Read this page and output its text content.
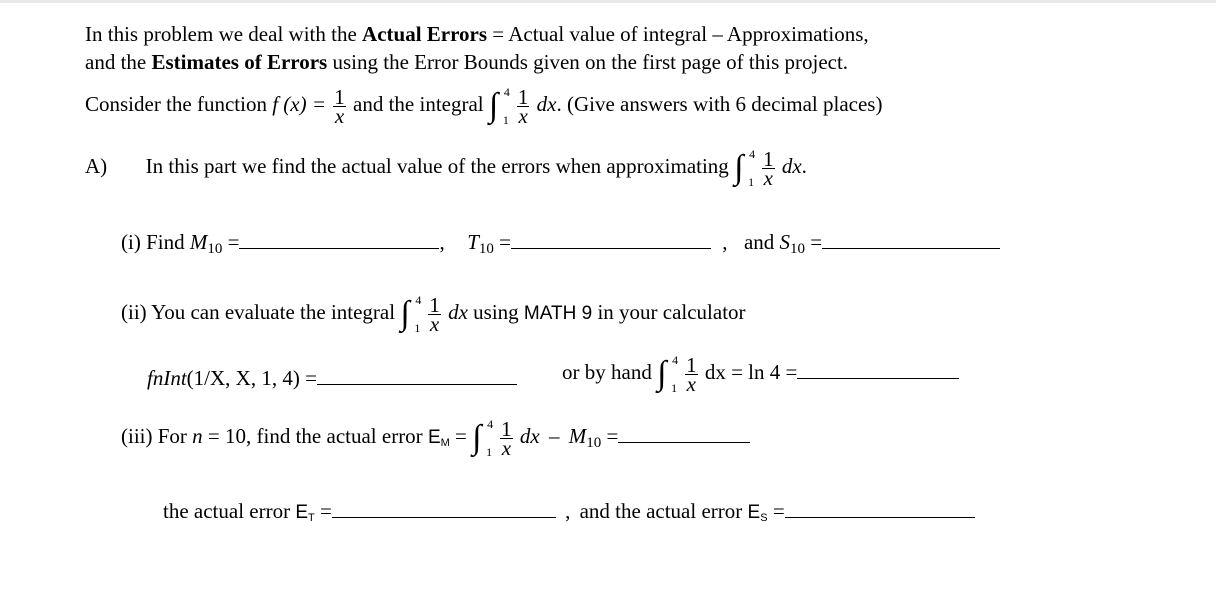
In this problem we deal with the Actual Errors = Actual value of integral – Approximations,
and the Estimates of Errors using the Error Bounds given on the first page of this project.
Consider the function f $(x) = \frac{1}{x}$ and the integral ∫ 4
$1 \frac{1}{x}$ dx. (Give answers with 6 decimal places)
A) In this part we find the actual value of the errors when approximating ∫ 4
$1 \frac{1}{x}$ dx.
(i) Find $M_{10}$ =	, $T_{10}$ =	, and $S_{10}$ =
(ii) You can evaluate the integral ∫ 4
$1 \frac{1}{x}$ dx using MATH 9 in your calculator
fnInt(1/X, X, 1, 4) =	or by hand ∫ 4
$1 \frac{1}{x}$ dx = ln 4 =
(iii) For n = 10, find the actual error EM = ∫ 4
$1 \frac{1}{x}$ dx – $M_{10}$ =
the actual error ET =	, and the actual error ES =
